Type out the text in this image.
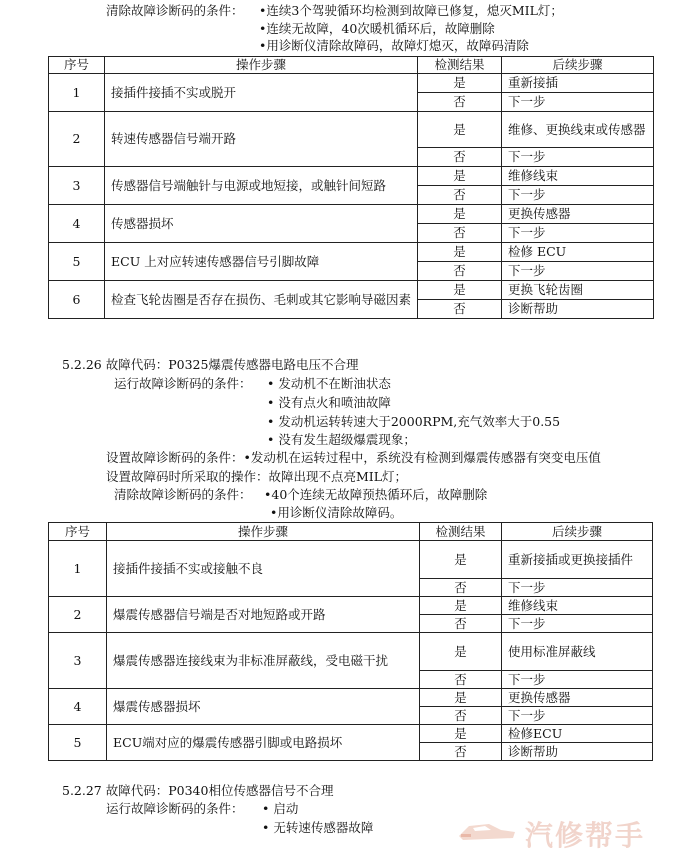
清除故障诊断码的条件： •连续3个驾驶循环均检测到故障已修复，熄灭MIL灯；
•连续无故障，40次暖机循环后，故障删除
•用诊断仪清除故障码，故障灯熄灭，故障码清除
序号	操作步骤	检测结果	后续步骤
1	接插件接插不实或脱开	是	重新接插
		否	下一步
2	转速传感器信号端开路	是	维修、更换线束或传感器
		否	下一步
3	传感器信号端触针与电源或地短接，或触针间短路	是	维修线束
		否	下一步
4	传感器损坏	是	更换传感器
		否	下一步
5	ECU 上对应转速传感器信号引脚故障	是	检修 ECU
		否	下一步
6	检查飞轮齿圈是否存在损伤、毛刺或其它影响导磁因素	是	更换飞轮齿圈
		否	诊断帮助
5.2.26 故障代码：P0325爆震传感器电路电压不合理
运行故障诊断码的条件： • 发动机不在断油状态
• 没有点火和喷油故障
• 发动机运转转速大于2000RPM,充气效率大于0.55
• 没有发生超级爆震现象；
设置故障诊断码的条件：•发动机在运转过程中，系统没有检测到爆震传感器有突变电压值
设置故障码时所采取的操作：故障出现不点亮MIL灯；
清除故障诊断码的条件： •40个连续无故障预热循环后，故障删除
•用诊断仪清除故障码。
序号	操作步骤	检测结果	后续步骤
1	接插件接插不实或接触不良	是	重新接插或更换接插件
		否	下一步
2	爆震传感器信号端是否对地短路或开路	是	维修线束
		否	下一步
3	爆震传感器连接线束为非标准屏蔽线，受电磁干扰	是	使用标准屏蔽线
		否	下一步
4	爆震传感器损坏	是	更换传感器
		否	下一步
5	ECU端对应的爆震传感器引脚或电路损坏	是	检修ECU
		否	诊断帮助
5.2.27 故障代码：P0340相位传感器信号不合理
运行故障诊断码的条件： • 启动
• 无转速传感器故障	汽修帮手
